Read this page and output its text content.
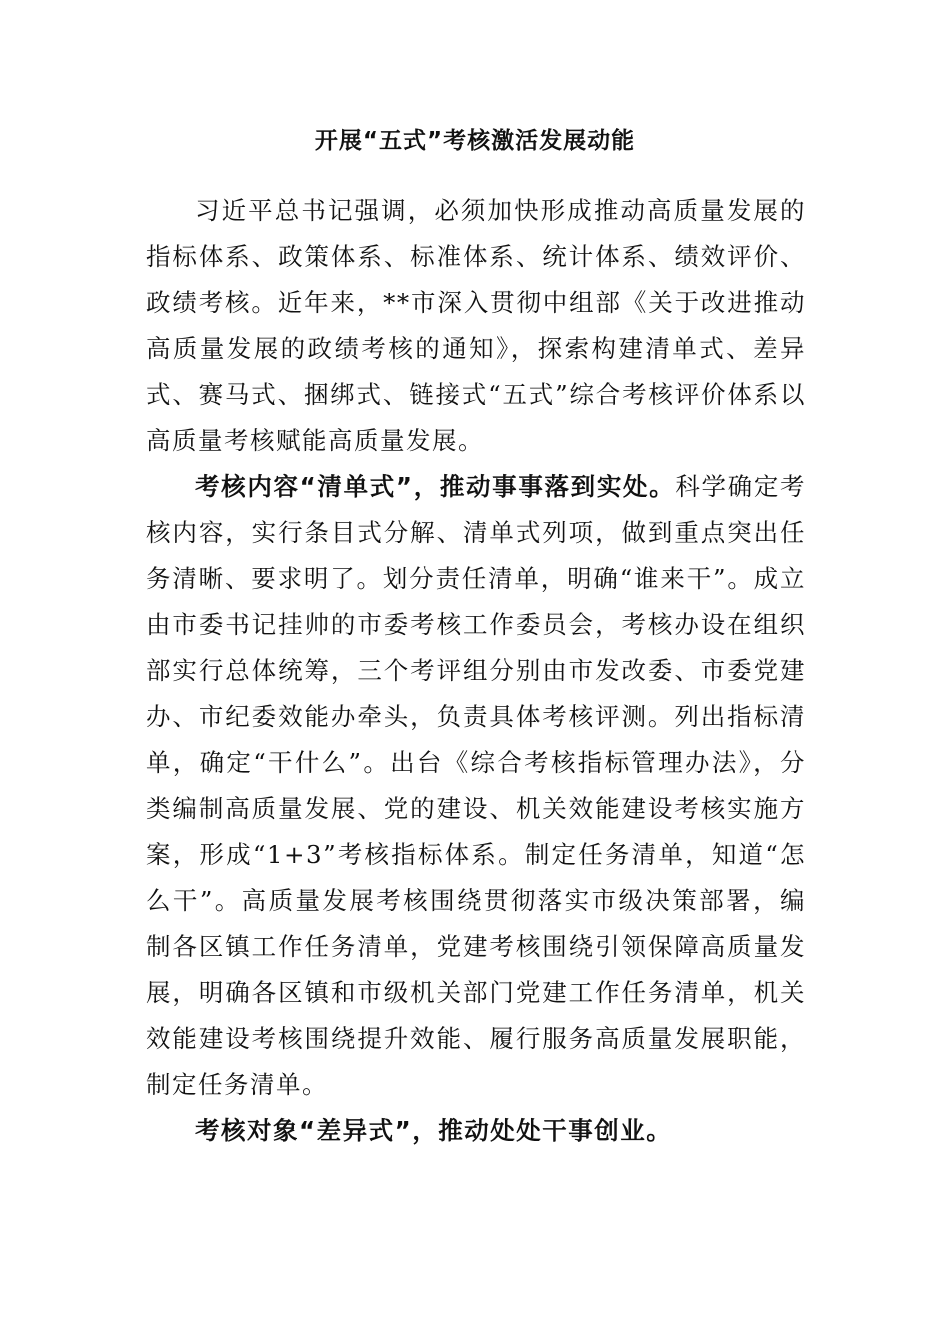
开展“五式”考核激活发展动能

习近平总书记强调，必须加快形成推动高质量发展的指标体系、政策体系、标准体系、统计体系、绩效评价、政绩考核。近年来，**市深入贯彻中组部《关于改进推动高质量发展的政绩考核的通知》，探索构建清单式、差异式、赛马式、捆绑式、链接式“五式”综合考核评价体系以高质量考核赋能高质量发展。

考核内容“清单式”，推动事事落到实处。科学确定考核内容，实行条目式分解、清单式列项，做到重点突出任务清晰、要求明了。划分责任清单，明确“谁来干”。成立由市委书记挂帅的市委考核工作委员会，考核办设在组织部实行总体统筹，三个考评组分别由市发改委、市委党建办、市纪委效能办牵头，负责具体考核评测。列出指标清单，确定“干什么”。出台《综合考核指标管理办法》，分类编制高质量发展、党的建设、机关效能建设考核实施方案，形成“1+3”考核指标体系。制定任务清单，知道“怎么干”。高质量发展考核围绕贯彻落实市级决策部署，编制各区镇工作任务清单，党建考核围绕引领保障高质量发展，明确各区镇和市级机关部门党建工作任务清单，机关效能建设考核围绕提升效能、履行服务高质量发展职能，制定任务清单。

考核对象“差异式”，推动处处干事创业。
